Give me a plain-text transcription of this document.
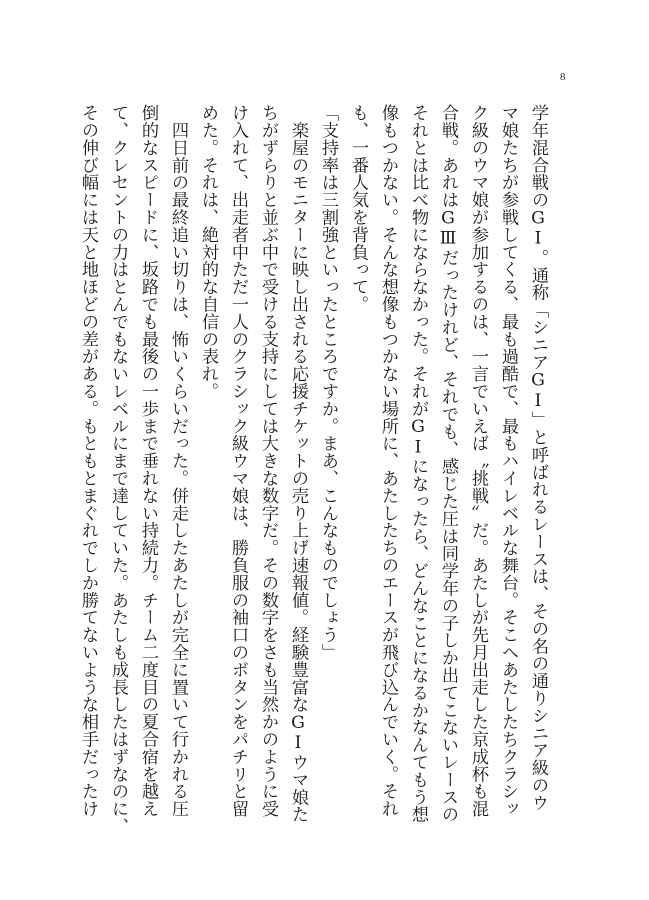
8

学年混合戦のGⅠ。通称「シニアGⅠ」と呼ばれるレースは、その名の通りシニア級のウ

マ娘たちが参戦してくる、最も過酷で、最もハイレベルな舞台。そこへあたしたちクラシッ

ク級のウマ娘が参加するのは、一言でいえば〝挑戦〟だ。あたしが先月出走した京成杯も混

合戦。あれはGⅢだったけれど、それでも、感じた圧は同学年の子しか出てこないレースの

それとは比べ物にならなかった。それがGⅠになったら、どんなことになるかなんてもう想

像もつかない。そんな想像もつかない場所に、あたしたちのエースが飛び込んでいく。それ

も、一番人気を背負って。

「支持率は三割強といったところですか。まあ、こんなものでしょう」

　楽屋のモニターに映し出される応援チケットの売り上げ速報値。経験豊富なGⅠウマ娘た

ちがずらりと並ぶ中で受ける支持にしては大きな数字だ。その数字をさも当然かのように受

け入れて、出走者中ただ一人のクラシック級ウマ娘は、勝負服の袖口のボタンをパチリと留

めた。それは、絶対的な自信の表れ。

　四日前の最終追い切りは、怖いくらいだった。併走したあたしが完全に置いて行かれる圧

倒的なスピードに、坂路でも最後の一歩まで垂れない持続力。チーム二度目の夏合宿を越え

て、クレセントの力はとんでもないレベルにまで達していた。あたしも成長したはずなのに、

その伸び幅には天と地ほどの差がある。もともとまぐれでしか勝てないような相手だったけ
